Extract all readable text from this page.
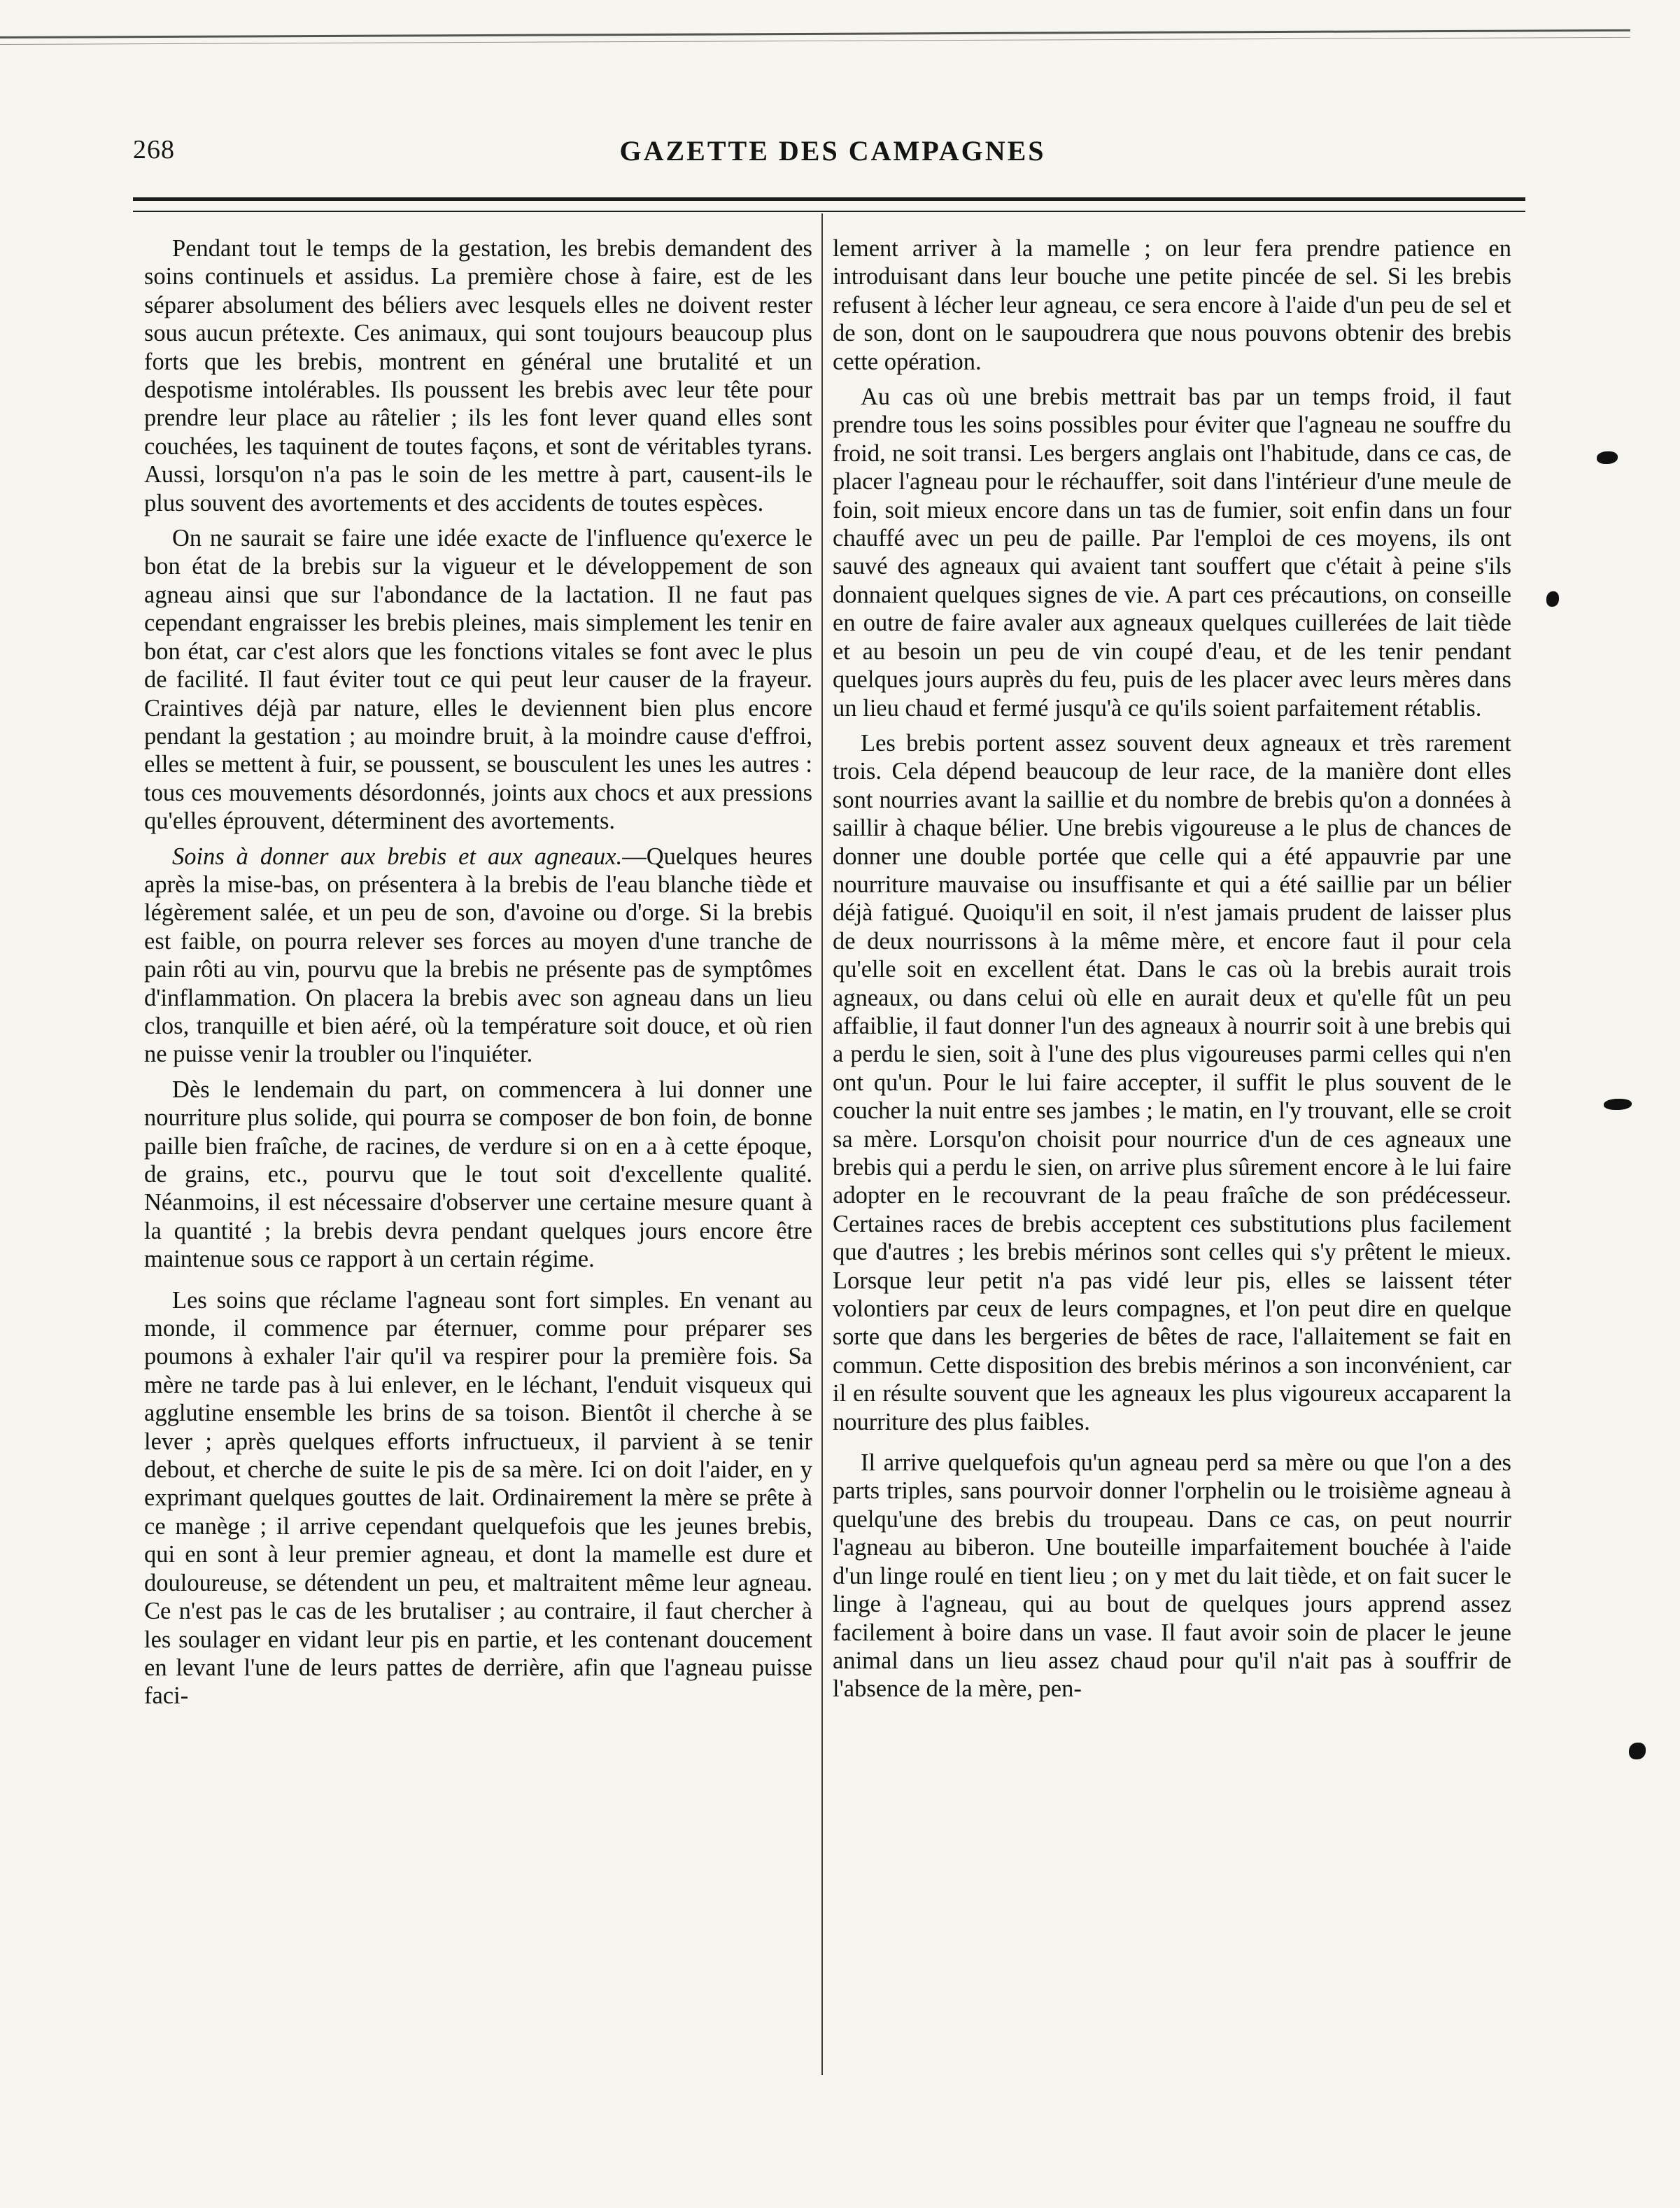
268	GAZETTE DES CAMPAGNES

Pendant tout le temps de la gestation, les brebis demandent des soins continuels et assidus. La première chose à faire, est de les séparer absolument des béliers avec lesquels elles ne doivent rester sous aucun prétexte. Ces animaux, qui sont toujours beaucoup plus forts que les brebis, montrent en général une brutalité et un despotisme intolérables. Ils poussent les brebis avec leur tête pour prendre leur place au râtelier ; ils les font lever quand elles sont couchées, les taquinent de toutes façons, et sont de véritables tyrans. Aussi, lorsqu'on n'a pas le soin de les mettre à part, causent-ils le plus souvent des avortements et des accidents de toutes espèces.

On ne saurait se faire une idée exacte de l'influence qu'exerce le bon état de la brebis sur la vigueur et le développement de son agneau ainsi que sur l'abondance de la lactation. Il ne faut pas cependant engraisser les brebis pleines, mais simplement les tenir en bon état, car c'est alors que les fonctions vitales se font avec le plus de facilité. Il faut éviter tout ce qui peut leur causer de la frayeur. Craintives déjà par nature, elles le deviennent bien plus encore pendant la gestation ; au moindre bruit, à la moindre cause d'effroi, elles se mettent à fuir, se poussent, se bousculent les unes les autres : tous ces mouvements désordonnés, joints aux chocs et aux pressions qu'elles éprouvent, déterminent des avortements.

Soins à donner aux brebis et aux agneaux.—Quelques heures après la mise-bas, on présentera à la brebis de l'eau blanche tiède et légèrement salée, et un peu de son, d'avoine ou d'orge. Si la brebis est faible, on pourra relever ses forces au moyen d'une tranche de pain rôti au vin, pourvu que la brebis ne présente pas de symptômes d'inflammation. On placera la brebis avec son agneau dans un lieu clos, tranquille et bien aéré, où la température soit douce, et où rien ne puisse venir la troubler ou l'inquiéter.

Dès le lendemain du part, on commencera à lui donner une nourriture plus solide, qui pourra se composer de bon foin, de bonne paille bien fraîche, de racines, de verdure si on en a à cette époque, de grains, etc., pourvu que le tout soit d'excellente qualité. Néanmoins, il est nécessaire d'observer une certaine mesure quant à la quantité ; la brebis devra pendant quelques jours encore être maintenue sous ce rapport à un certain régime.

Les soins que réclame l'agneau sont fort simples. En venant au monde, il commence par éternuer, comme pour préparer ses poumons à exhaler l'air qu'il va respirer pour la première fois. Sa mère ne tarde pas à lui enlever, en le léchant, l'enduit visqueux qui agglutine ensemble les brins de sa toison. Bientôt il cherche à se lever ; après quelques efforts infructueux, il parvient à se tenir debout, et cherche de suite le pis de sa mère. Ici on doit l'aider, en y exprimant quelques gouttes de lait. Ordinairement la mère se prête à ce manège ; il arrive cependant quelquefois que les jeunes brebis, qui en sont à leur premier agneau, et dont la mamelle est dure et douloureuse, se détendent un peu, et maltraitent même leur agneau. Ce n'est pas le cas de les brutaliser ; au contraire, il faut chercher à les soulager en vidant leur pis en partie, et les contenant doucement en levant l'une de leurs pattes de derrière, afin que l'agneau puisse faci-

lement arriver à la mamelle ; on leur fera prendre patience en introduisant dans leur bouche une petite pincée de sel. Si les brebis refusent à lécher leur agneau, ce sera encore à l'aide d'un peu de sel et de son, dont on le saupoudrera que nous pouvons obtenir des brebis cette opération.

Au cas où une brebis mettrait bas par un temps froid, il faut prendre tous les soins possibles pour éviter que l'agneau ne souffre du froid, ne soit transi. Les bergers anglais ont l'habitude, dans ce cas, de placer l'agneau pour le réchauffer, soit dans l'intérieur d'une meule de foin, soit mieux encore dans un tas de fumier, soit enfin dans un four chauffé avec un peu de paille. Par l'emploi de ces moyens, ils ont sauvé des agneaux qui avaient tant souffert que c'était à peine s'ils donnaient quelques signes de vie. A part ces précautions, on conseille en outre de faire avaler aux agneaux quelques cuillerées de lait tiède et au besoin un peu de vin coupé d'eau, et de les tenir pendant quelques jours auprès du feu, puis de les placer avec leurs mères dans un lieu chaud et fermé jusqu'à ce qu'ils soient parfaitement rétablis.

Les brebis portent assez souvent deux agneaux et très rarement trois. Cela dépend beaucoup de leur race, de la manière dont elles sont nourries avant la saillie et du nombre de brebis qu'on a données à saillir à chaque bélier. Une brebis vigoureuse a le plus de chances de donner une double portée que celle qui a été appauvrie par une nourriture mauvaise ou insuffisante et qui a été saillie par un bélier déjà fatigué. Quoiqu'il en soit, il n'est jamais prudent de laisser plus de deux nourrissons à la même mère, et encore faut il pour cela qu'elle soit en excellent état. Dans le cas où la brebis aurait trois agneaux, ou dans celui où elle en aurait deux et qu'elle fût un peu affaiblie, il faut donner l'un des agneaux à nourrir soit à une brebis qui a perdu le sien, soit à l'une des plus vigoureuses parmi celles qui n'en ont qu'un. Pour le lui faire accepter, il suffit le plus souvent de le coucher la nuit entre ses jambes ; le matin, en l'y trouvant, elle se croit sa mère. Lorsqu'on choisit pour nourrice d'un de ces agneaux une brebis qui a perdu le sien, on arrive plus sûrement encore à le lui faire adopter en le recouvrant de la peau fraîche de son prédécesseur. Certaines races de brebis acceptent ces substitutions plus facilement que d'autres ; les brebis mérinos sont celles qui s'y prêtent le mieux. Lorsque leur petit n'a pas vidé leur pis, elles se laissent téter volontiers par ceux de leurs compagnes, et l'on peut dire en quelque sorte que dans les bergeries de bêtes de race, l'allaitement se fait en commun. Cette disposition des brebis mérinos a son inconvénient, car il en résulte souvent que les agneaux les plus vigoureux accaparent la nourriture des plus faibles.

Il arrive quelquefois qu'un agneau perd sa mère ou que l'on a des parts triples, sans pourvoir donner l'orphelin ou le troisième agneau à quelqu'une des brebis du troupeau. Dans ce cas, on peut nourrir l'agneau au biberon. Une bouteille imparfaitement bouchée à l'aide d'un linge roulé en tient lieu ; on y met du lait tiède, et on fait sucer le linge à l'agneau, qui au bout de quelques jours apprend assez facilement à boire dans un vase. Il faut avoir soin de placer le jeune animal dans un lieu assez chaud pour qu'il n'ait pas à souffrir de l'absence de la mère, pen-
